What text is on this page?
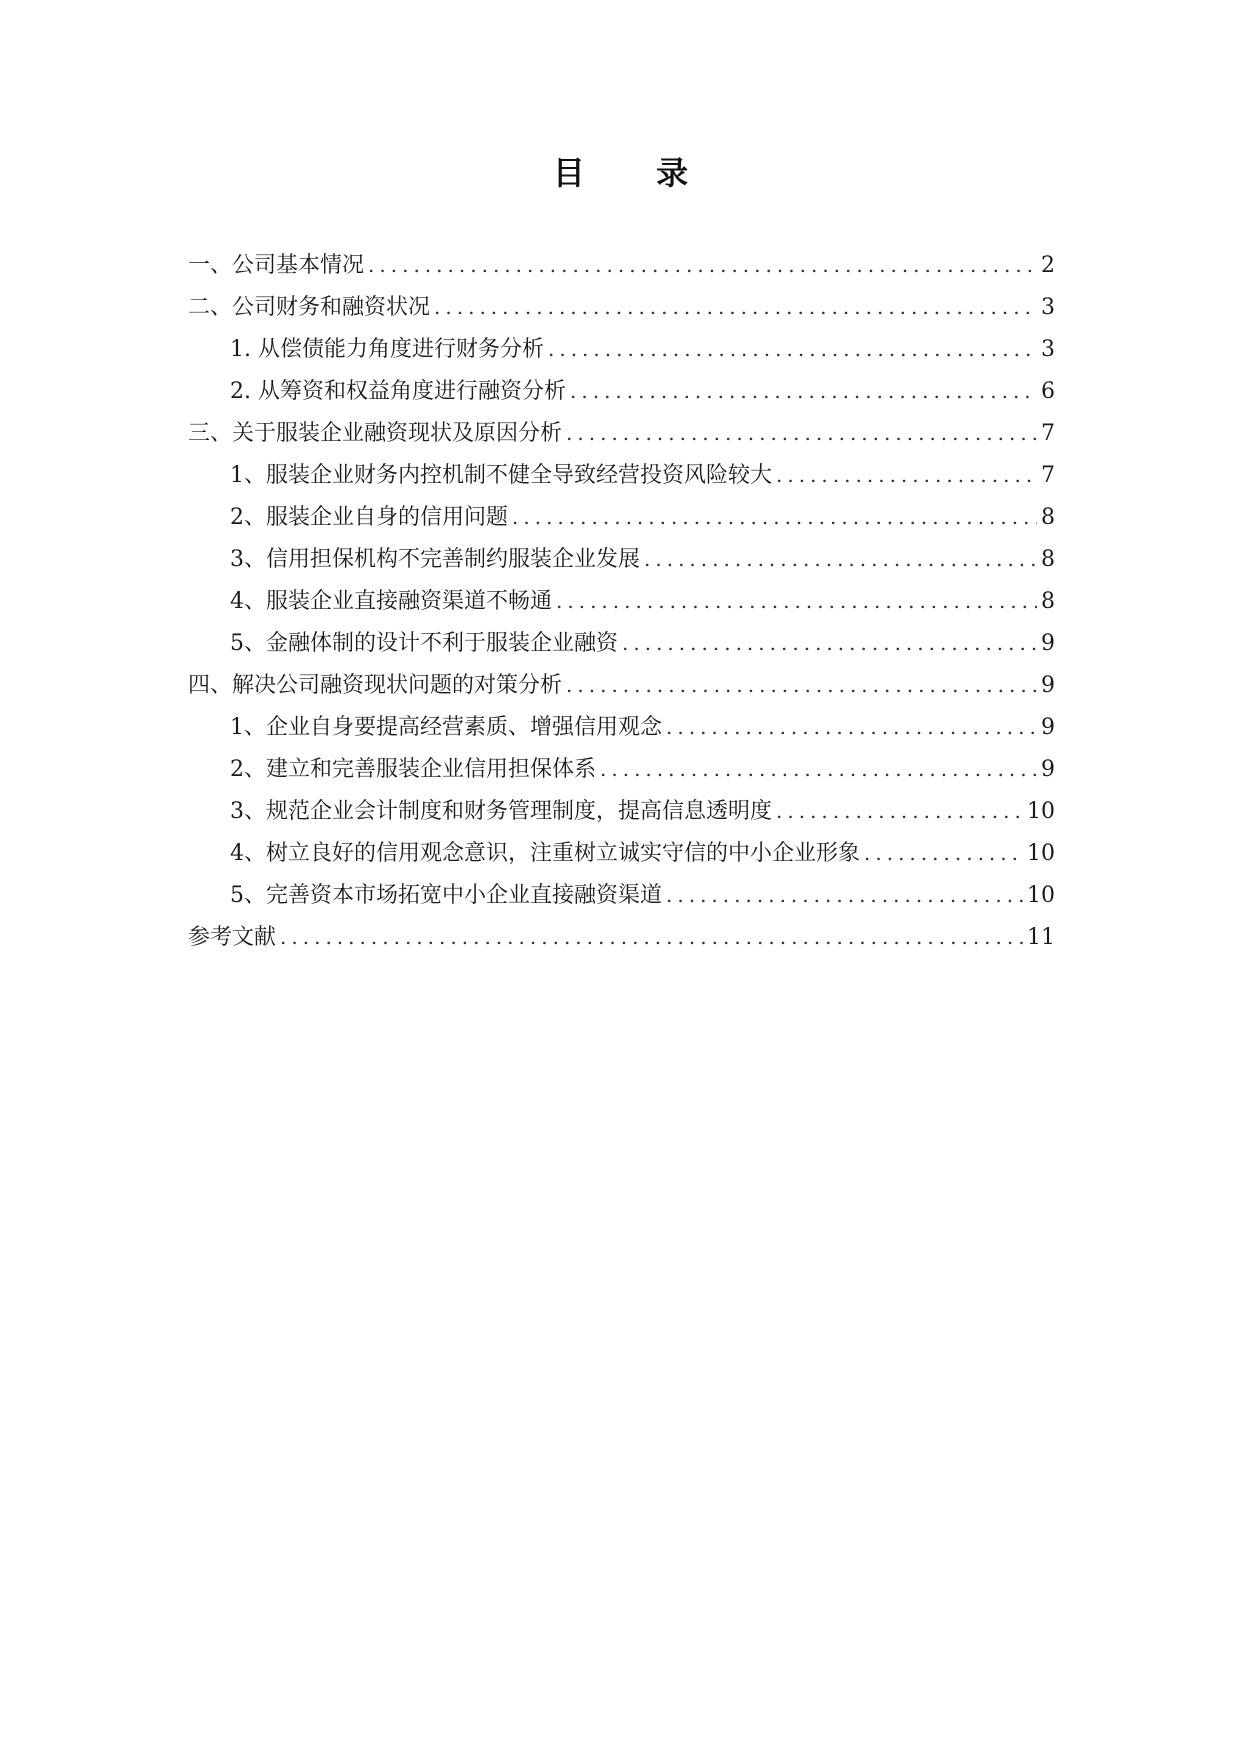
目 录
一、公司基本情况 .....	2
二、公司财务和融资状况 .....	3
1. 从偿债能力角度进行财务分析 .....	3
2. 从筹资和权益角度进行融资分析 .....	6
三、关于服装企业融资现状及原因分析 .....	7
1、服装企业财务内控机制不健全导致经营投资风险较大 .....	7
2、服装企业自身的信用问题 .....	8
3、信用担保机构不完善制约服装企业发展 .....	8
4、服装企业直接融资渠道不畅通 .....	8
5、金融体制的设计不利于服装企业融资 .....	9
四、解决公司融资现状问题的对策分析 .....	9
1、企业自身要提高经营素质、增强信用观念 .....	9
2、建立和完善服装企业信用担保体系 .....	9
3、规范企业会计制度和财务管理制度，提高信息透明度 .....	10
4、树立良好的信用观念意识，注重树立诚实守信的中小企业形象 .....	10
5、完善资本市场拓宽中小企业直接融资渠道 .....	10
参考文献 .....	11
